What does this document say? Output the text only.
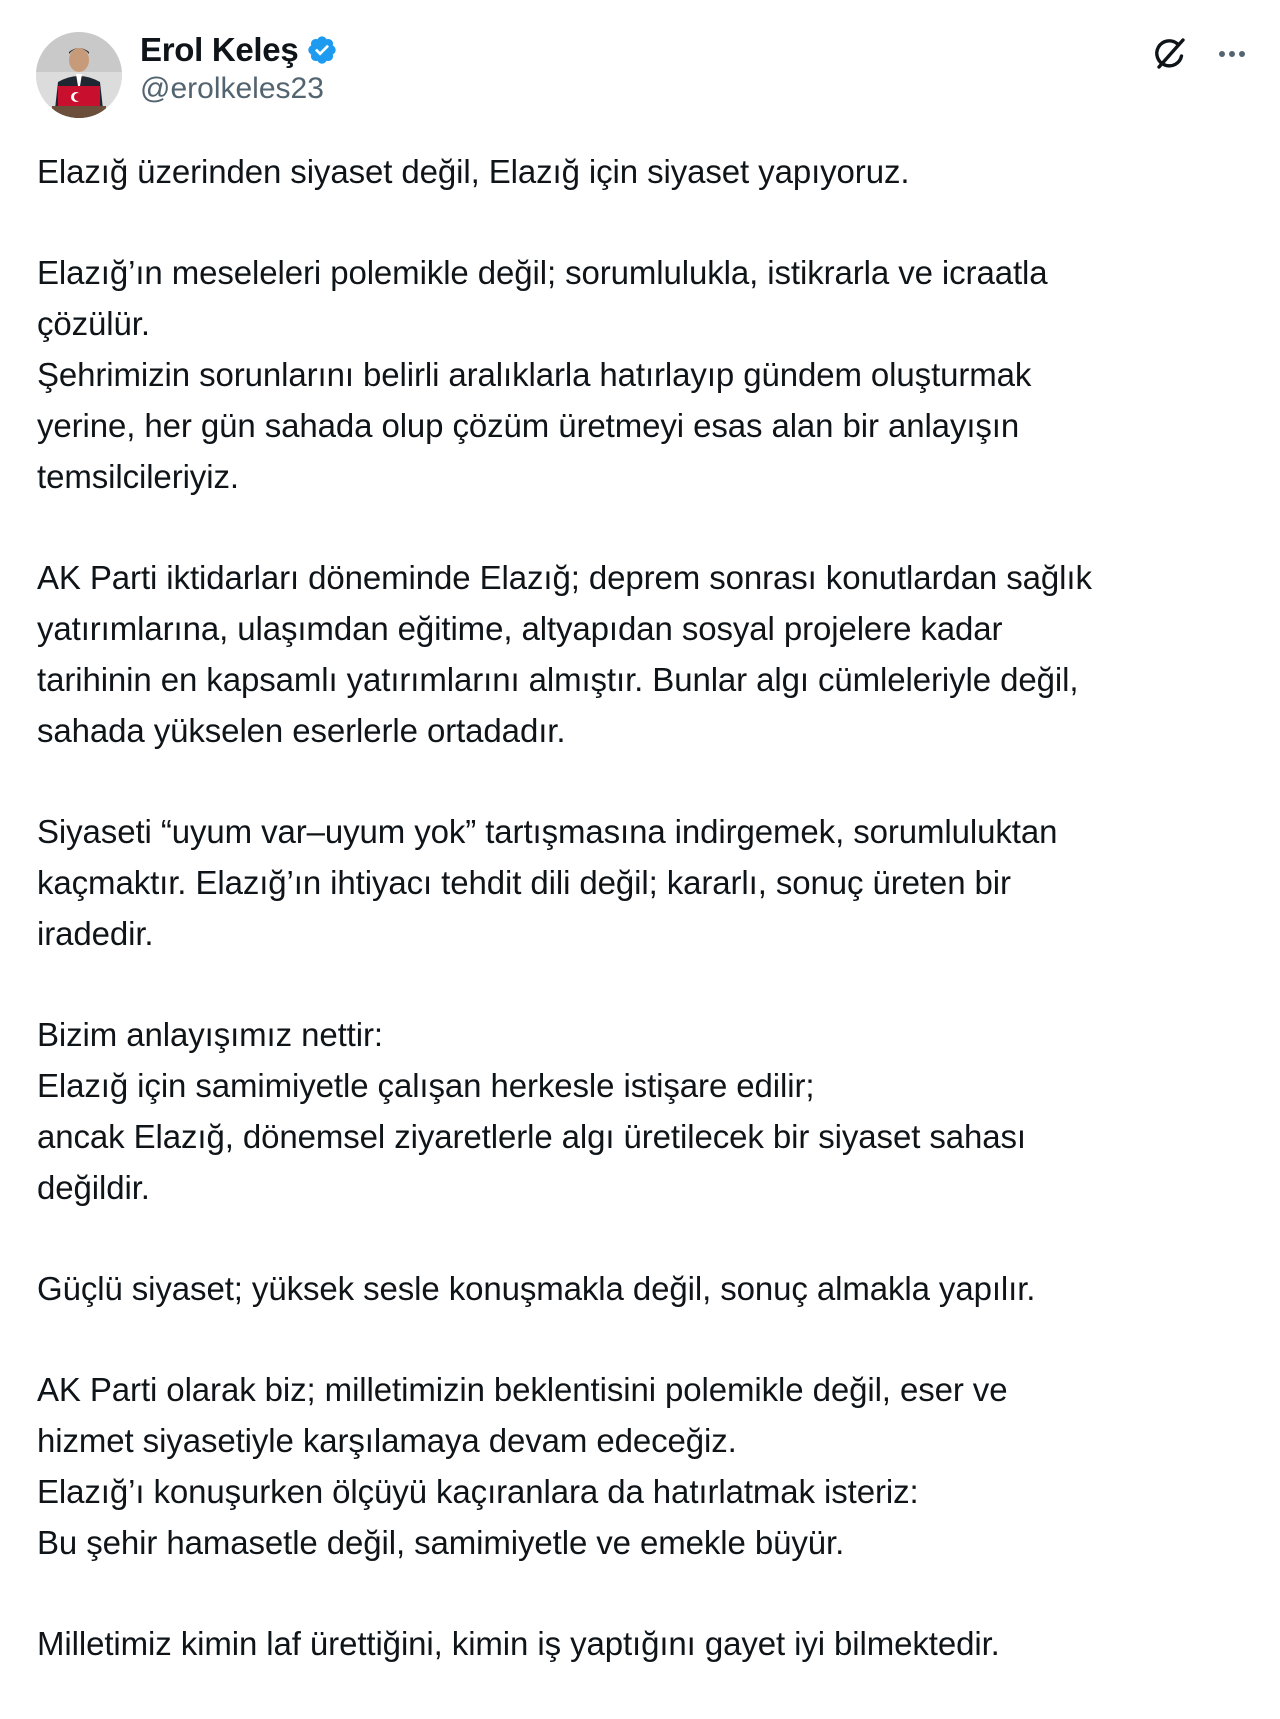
Erol Keleş
@erolkeles23
Elazığ üzerinden siyaset değil, Elazığ için siyaset yapıyoruz.
Elazığ’ın meseleleri polemikle değil; sorumlulukla, istikrarla ve icraatla
çözülür.
Şehrimizin sorunlarını belirli aralıklarla hatırlayıp gündem oluşturmak
yerine, her gün sahada olup çözüm üretmeyi esas alan bir anlayışın
temsilcileriyiz.
AK Parti iktidarları döneminde Elazığ; deprem sonrası konutlardan sağlık
yatırımlarına, ulaşımdan eğitime, altyapıdan sosyal projelere kadar
tarihinin en kapsamlı yatırımlarını almıştır. Bunlar algı cümleleriyle değil,
sahada yükselen eserlerle ortadadır.
Siyaseti “uyum var–uyum yok” tartışmasına indirgemek, sorumluluktan
kaçmaktır. Elazığ’ın ihtiyacı tehdit dili değil; kararlı, sonuç üreten bir
iradedir.
Bizim anlayışımız nettir:
Elazığ için samimiyetle çalışan herkesle istişare edilir;
ancak Elazığ, dönemsel ziyaretlerle algı üretilecek bir siyaset sahası
değildir.
Güçlü siyaset; yüksek sesle konuşmakla değil, sonuç almakla yapılır.
AK Parti olarak biz; milletimizin beklentisini polemikle değil, eser ve
hizmet siyasetiyle karşılamaya devam edeceğiz.
Elazığ’ı konuşurken ölçüyü kaçıranlara da hatırlatmak isteriz:
Bu şehir hamasetle değil, samimiyetle ve emekle büyür.
Milletimiz kimin laf ürettiğini, kimin iş yaptığını gayet iyi bilmektedir.
